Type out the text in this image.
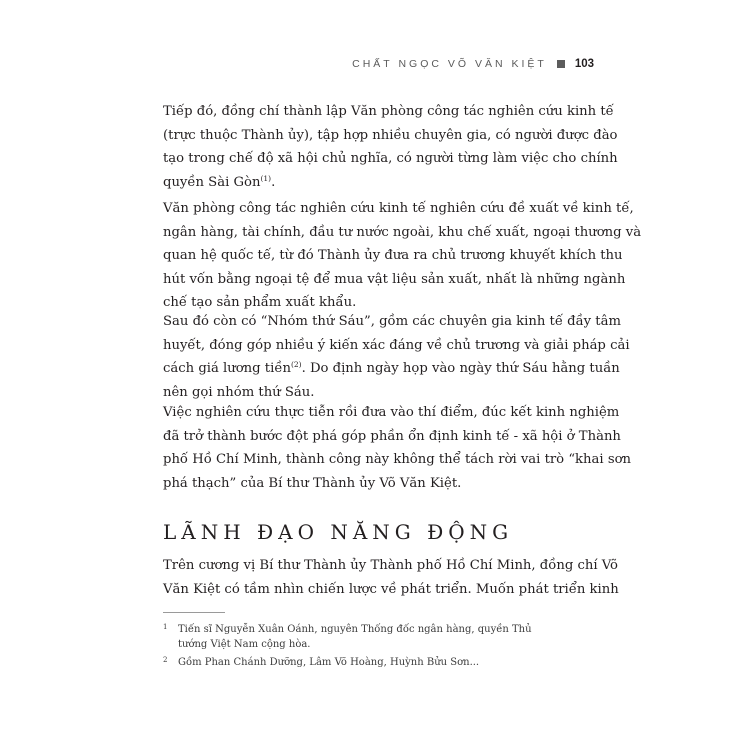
CHẤT NGỌC VÕ VĂN KIỆT 103

Tiếp đó, đồng chí thành lập Văn phòng công tác nghiên cứu kinh tế
(trực thuộc Thành ủy), tập hợp nhiều chuyên gia, có người được đào
tạo trong chế độ xã hội chủ nghĩa, có người từng làm việc cho chính
quyền Sài Gòn$^{(1)}$.

Văn phòng công tác nghiên cứu kinh tế nghiên cứu đề xuất về kinh tế,
ngân hàng, tài chính, đầu tư nước ngoài, khu chế xuất, ngoại thương và
quan hệ quốc tế, từ đó Thành ủy đưa ra chủ trương khuyết khích thu
hút vốn bằng ngoại tệ để mua vật liệu sản xuất, nhất là những ngành
chế tạo sản phẩm xuất khẩu.

Sau đó còn có “Nhóm thứ Sáu”, gồm các chuyên gia kinh tế đầy tâm
huyết, đóng góp nhiều ý kiến xác đáng về chủ trương và giải pháp cải
cách giá lương tiền$^{(2)}$. Do định ngày họp vào ngày thứ Sáu hằng tuần
nên gọi nhóm thứ Sáu.

Việc nghiên cứu thực tiễn rồi đưa vào thí điểm, đúc kết kinh nghiệm
đã trở thành bước đột phá góp phần ổn định kinh tế - xã hội ở Thành
phố Hồ Chí Minh, thành công này không thể tách rời vai trò “khai sơn
phá thạch” của Bí thư Thành ủy Võ Văn Kiệt.

LÃNH ĐẠO NĂNG ĐỘNG

Trên cương vị Bí thư Thành ủy Thành phố Hồ Chí Minh, đồng chí Võ
Văn Kiệt có tầm nhìn chiến lược về phát triển. Muốn phát triển kinh

1 Tiến sĩ Nguyễn Xuân Oánh, nguyên Thống đốc ngân hàng, quyền Thủ
tướng Việt Nam cộng hòa.
2 Gồm Phan Chánh Dưỡng, Lâm Võ Hoàng, Huỳnh Bửu Sơn...
